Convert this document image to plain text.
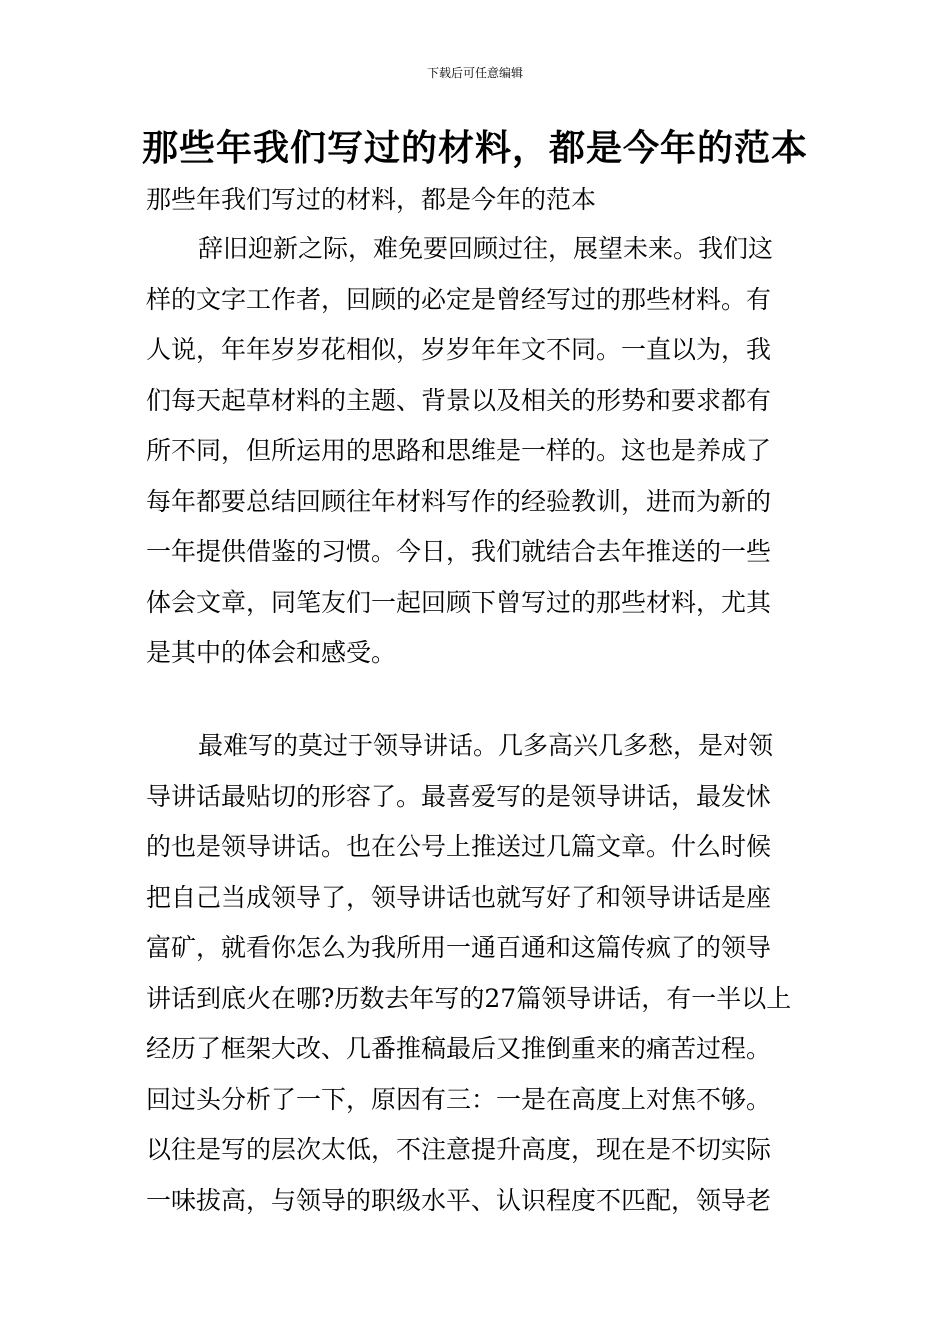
下载后可任意编辑
那些年我们写过的材料，都是今年的范本
那些年我们写过的材料，都是今年的范本
辞旧迎新之际，难免要回顾过往，展望未来。我们这
样的文字工作者，回顾的必定是曾经写过的那些材料。有
人说，年年岁岁花相似，岁岁年年文不同。一直以为，我
们每天起草材料的主题、背景以及相关的形势和要求都有
所不同，但所运用的思路和思维是一样的。这也是养成了
每年都要总结回顾往年材料写作的经验教训，进而为新的
一年提供借鉴的习惯。今日，我们就结合去年推送的一些
体会文章，同笔友们一起回顾下曾写过的那些材料，尤其
是其中的体会和感受。
最难写的莫过于领导讲话。几多高兴几多愁，是对领
导讲话最贴切的形容了。最喜爱写的是领导讲话，最发怵
的也是领导讲话。也在公号上推送过几篇文章。什么时候
把自己当成领导了，领导讲话也就写好了和领导讲话是座
富矿，就看你怎么为我所用一通百通和这篇传疯了的领导
讲话到底火在哪?历数去年写的27篇领导讲话，有一半以上
经历了框架大改、几番推稿最后又推倒重来的痛苦过程。
回过头分析了一下，原因有三：一是在高度上对焦不够。
以往是写的层次太低，不注意提升高度，现在是不切实际
一味拔高，与领导的职级水平、认识程度不匹配，领导老
